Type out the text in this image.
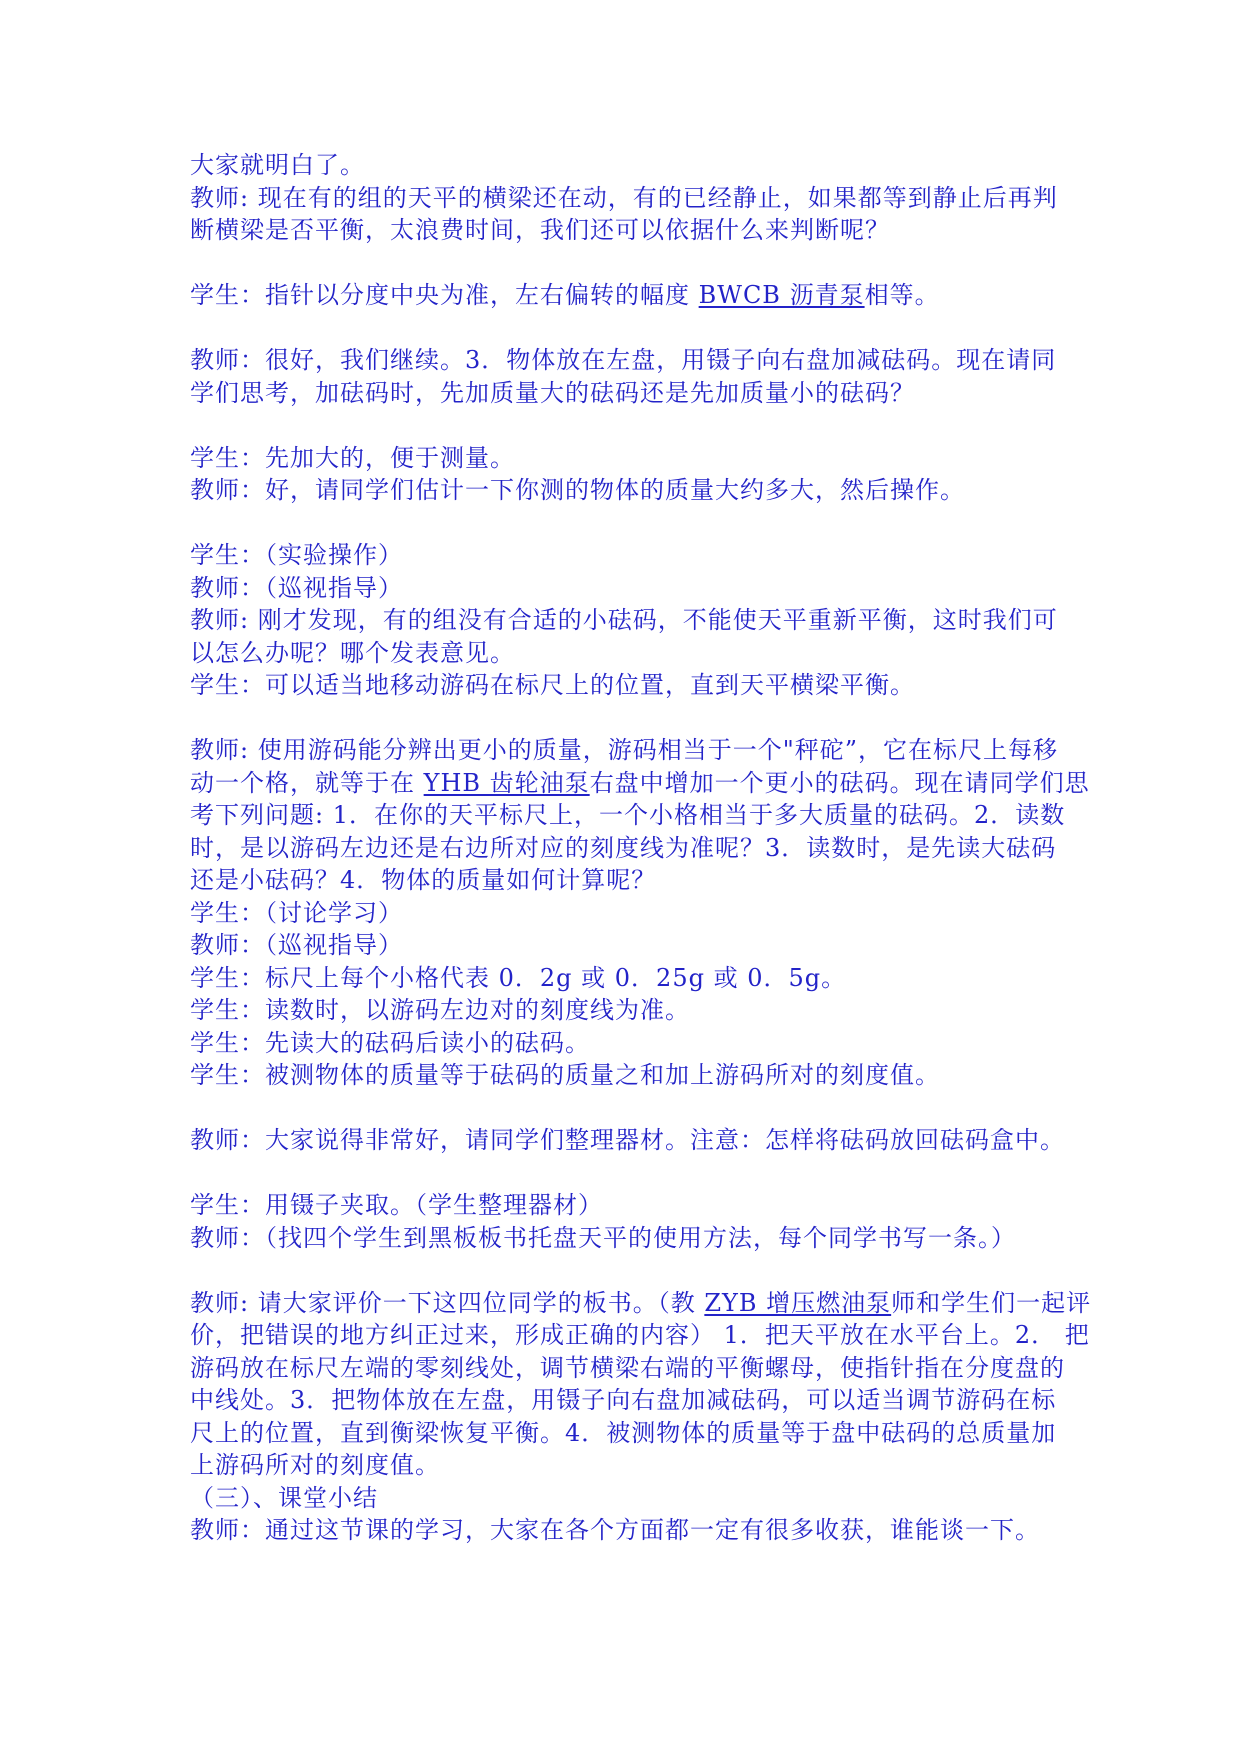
大家就明白了。
教师: 现在有的组的天平的横梁还在动，有的已经静止，如果都等到静止后再判
断横梁是否平衡，太浪费时间，我们还可以依据什么来判断呢？
学生：指针以分度中央为准，左右偏转的幅度 BWCB 沥青泵相等。
教师：很好，我们继续。3．物体放在左盘，用镊子向右盘加减砝码。现在请同
学们思考，加砝码时，先加质量大的砝码还是先加质量小的砝码？
学生：先加大的，便于测量。
教师：好，请同学们估计一下你测的物体的质量大约多大，然后操作。
学生：（实验操作）
教师：（巡视指导）
教师: 刚才发现，有的组没有合适的小砝码，不能使天平重新平衡，这时我们可
以怎么办呢？哪个发表意见。
学生：可以适当地移动游码在标尺上的位置，直到天平横梁平衡。
教师: 使用游码能分辨出更小的质量，游码相当于一个"秤砣”，它在标尺上每移
动一个格，就等于在 YHB 齿轮油泵右盘中增加一个更小的砝码。现在请同学们思
考下列问题: 1．在你的天平标尺上，一个小格相当于多大质量的砝码。2．读数
时，是以游码左边还是右边所对应的刻度线为准呢？3．读数时，是先读大砝码
还是小砝码？4．物体的质量如何计算呢？
学生：（讨论学习）
教师：（巡视指导）
学生：标尺上每个小格代表 0．2g 或 0．25g 或 0．5g。
学生：读数时，以游码左边对的刻度线为准。
学生：先读大的砝码后读小的砝码。
学生：被测物体的质量等于砝码的质量之和加上游码所对的刻度值。
教师：大家说得非常好，请同学们整理器材。注意：怎样将砝码放回砝码盒中。
学生：用镊子夹取。（学生整理器材）
教师：（找四个学生到黑板板书托盘天平的使用方法，每个同学书写一条。）
教师: 请大家评价一下这四位同学的板书。（教 ZYB 增压燃油泵师和学生们一起评
价，把错误的地方纠正过来，形成正确的内容） 1．把天平放在水平台上。2． 把
游码放在标尺左端的零刻线处，调节横梁右端的平衡螺母，使指针指在分度盘的
中线处。3．把物体放在左盘，用镊子向右盘加减砝码，可以适当调节游码在标
尺上的位置，直到衡梁恢复平衡。4．被测物体的质量等于盘中砝码的总质量加
上游码所对的刻度值。
（三）、课堂小结
教师：通过这节课的学习，大家在各个方面都一定有很多收获，谁能谈一下。
